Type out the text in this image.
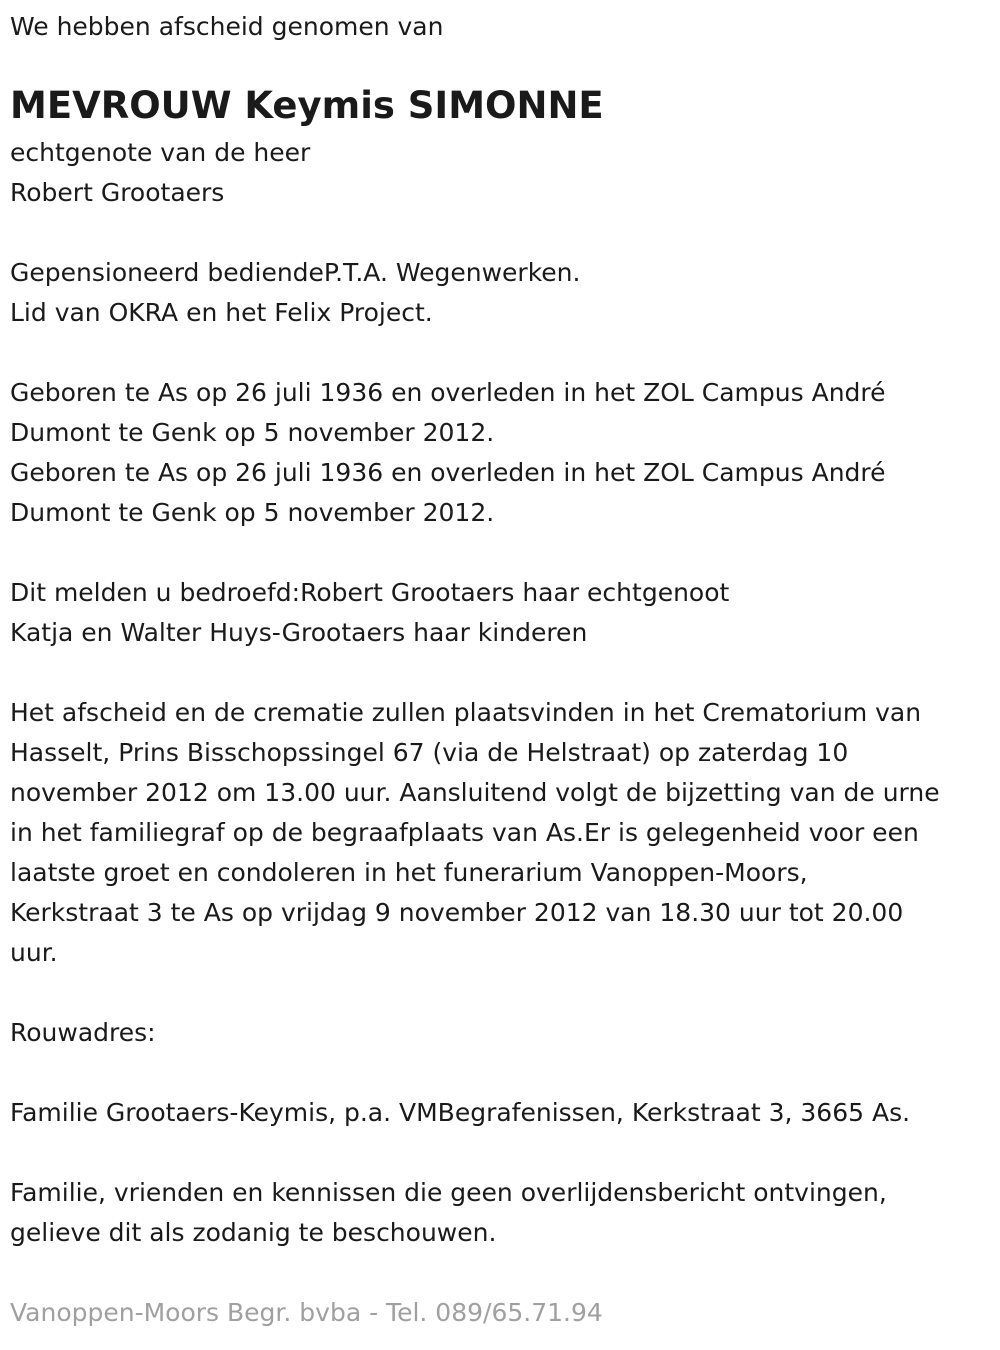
We hebben afscheid genomen van

MEVROUW Keymis SIMONNE

echtgenote van de heer

Robert Grootaers

Gepensioneerd bediendeP.T.A. Wegenwerken.

Lid van OKRA en het Felix Project.

Geboren te As op 26 juli 1936 en overleden in het ZOL Campus André

Dumont te Genk op 5 november 2012.

Geboren te As op 26 juli 1936 en overleden in het ZOL Campus André

Dumont te Genk op 5 november 2012.

Dit melden u bedroefd:Robert Grootaers haar echtgenoot

Katja en Walter Huys-Grootaers haar kinderen

Het afscheid en de crematie zullen plaatsvinden in het Crematorium van

Hasselt, Prins Bisschopssingel 67 (via de Helstraat) op zaterdag 10

november 2012 om 13.00 uur. Aansluitend volgt de bijzetting van de urne

in het familiegraf op de begraafplaats van As.Er is gelegenheid voor een

laatste groet en condoleren in het funerarium Vanoppen-Moors,

Kerkstraat 3 te As op vrijdag 9 november 2012 van 18.30 uur tot 20.00

uur.

Rouwadres:

Familie Grootaers-Keymis, p.a. VMBegrafenissen, Kerkstraat 3, 3665 As.

Familie, vrienden en kennissen die geen overlijdensbericht ontvingen,

gelieve dit als zodanig te beschouwen.

Vanoppen-Moors Begr. bvba - Tel. 089/65.71.94
